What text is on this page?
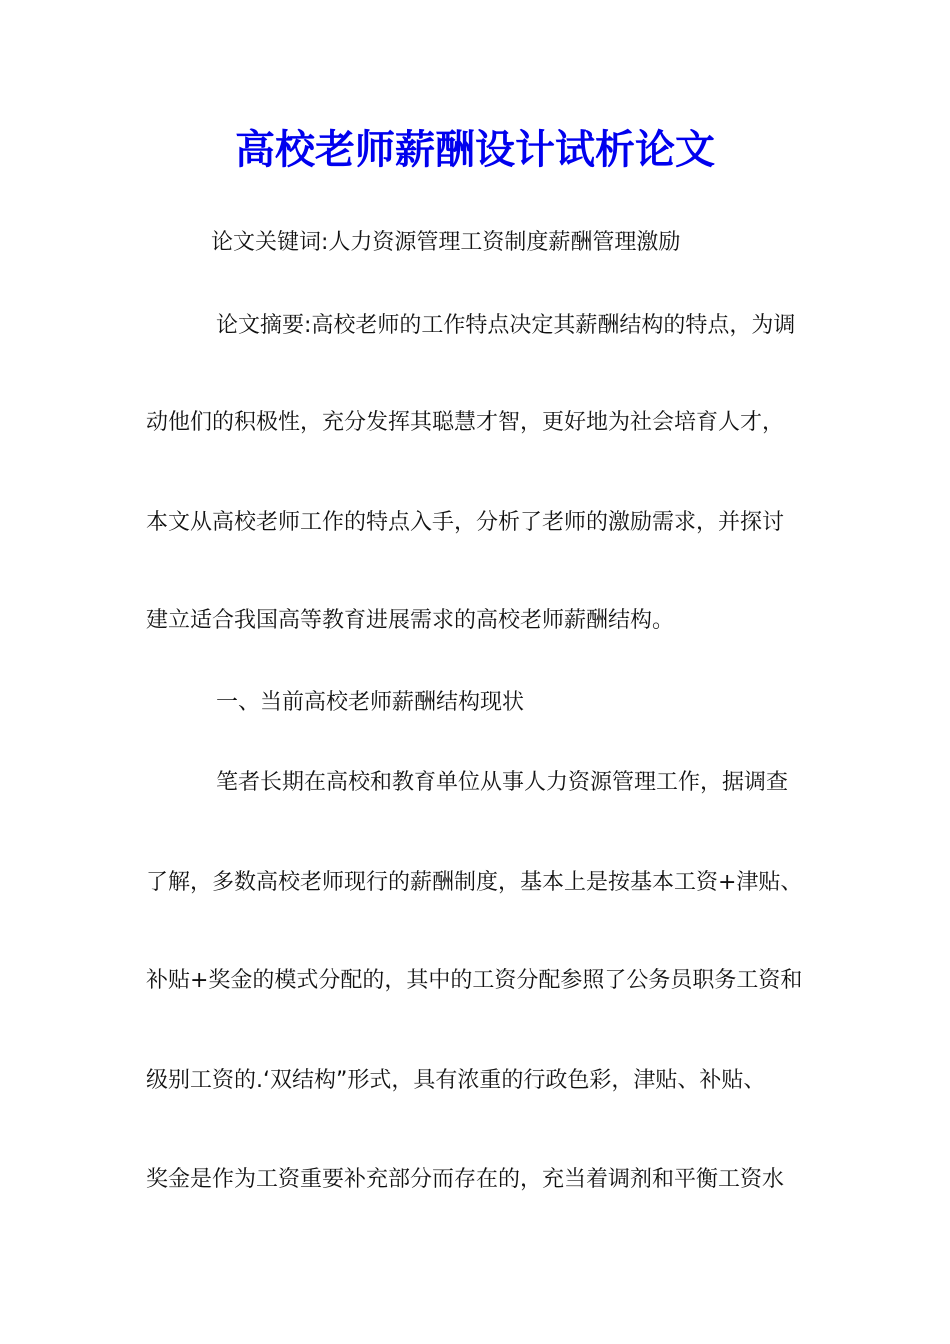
高校老师薪酬设计试析论文
论文关键词:人力资源管理工资制度薪酬管理激励
论文摘要:高校老师的工作特点决定其薪酬结构的特点，为调
动他们的积极性，充分发挥其聪慧才智，更好地为社会培育人才，
本文从高校老师工作的特点入手，分析了老师的激励需求，并探讨
建立适合我国高等教育进展需求的高校老师薪酬结构。
一、当前高校老师薪酬结构现状
笔者长期在高校和教育单位从事人力资源管理工作，据调查
了解，多数高校老师现行的薪酬制度，基本上是按基本工资+津贴、
补贴+奖金的模式分配的，其中的工资分配参照了公务员职务工资和
级别工资的.‘双结构”形式，具有浓重的行政色彩，津贴、补贴、
奖金是作为工资重要补充部分而存在的，充当着调剂和平衡工资水
